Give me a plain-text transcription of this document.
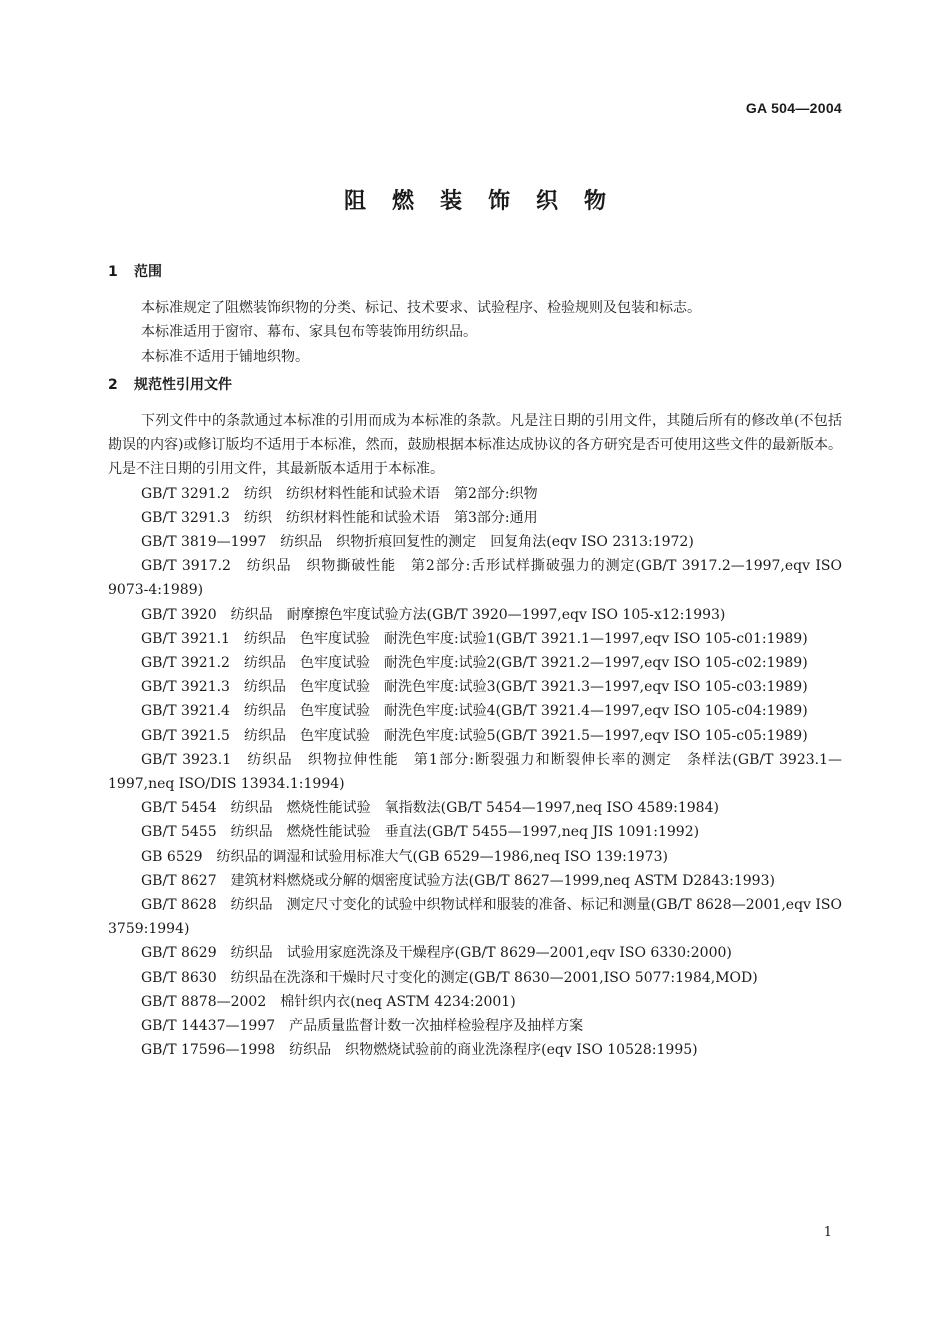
GA 504—2004
阻燃装饰织物
1 范围

本标准规定了阻燃装饰织物的分类、标记、技术要求、试验程序、检验规则及包装和标志。

本标准适用于窗帘、幕布、家具包布等装饰用纺织品。

本标准不适用于铺地织物。

2 规范性引用文件

下列文件中的条款通过本标准的引用而成为本标准的条款。凡是注日期的引用文件，其随后所有的修改单(不包括勘误的内容)或修订版均不适用于本标准，然而，鼓励根据本标准达成协议的各方研究是否可使用这些文件的最新版本。凡是不注日期的引用文件，其最新版本适用于本标准。

GB/T 3291.2　纺织　纺织材料性能和试验术语　第2部分:织物

GB/T 3291.3　纺织　纺织材料性能和试验术语　第3部分:通用

GB/T 3819—1997　纺织品　织物折痕回复性的测定　回复角法(eqv ISO 2313:1972)

GB/T 3917.2　纺织品　织物撕破性能　第2部分:舌形试样撕破强力的测定(GB/T 3917.2—1997,eqv ISO 9073-4:1989)

GB/T 3920　纺织品　耐摩擦色牢度试验方法(GB/T 3920—1997,eqv ISO 105-x12:1993)

GB/T 3921.1　纺织品　色牢度试验　耐洗色牢度:试验1(GB/T 3921.1—1997,eqv ISO 105-c01:1989)

GB/T 3921.2　纺织品　色牢度试验　耐洗色牢度:试验2(GB/T 3921.2—1997,eqv ISO 105-c02:1989)

GB/T 3921.3　纺织品　色牢度试验　耐洗色牢度:试验3(GB/T 3921.3—1997,eqv ISO 105-c03:1989)

GB/T 3921.4　纺织品　色牢度试验　耐洗色牢度:试验4(GB/T 3921.4—1997,eqv ISO 105-c04:1989)

GB/T 3921.5　纺织品　色牢度试验　耐洗色牢度:试验5(GB/T 3921.5—1997,eqv ISO 105-c05:1989)

GB/T 3923.1　纺织品　织物拉伸性能　第1部分:断裂强力和断裂伸长率的测定　条样法(GB/T 3923.1—1997,neq ISO/DIS 13934.1:1994)

GB/T 5454　纺织品　燃烧性能试验　氧指数法(GB/T 5454—1997,neq ISO 4589:1984)

GB/T 5455　纺织品　燃烧性能试验　垂直法(GB/T 5455—1997,neq JIS 1091:1992)

GB 6529　纺织品的调湿和试验用标准大气(GB 6529—1986,neq ISO 139:1973)

GB/T 8627　建筑材料燃烧或分解的烟密度试验方法(GB/T 8627—1999,neq ASTM D2843:1993)

GB/T 8628　纺织品　测定尺寸变化的试验中织物试样和服装的准备、标记和测量(GB/T 8628—2001,eqv ISO 3759:1994)

GB/T 8629　纺织品　试验用家庭洗涤及干燥程序(GB/T 8629—2001,eqv ISO 6330:2000)

GB/T 8630　纺织品在洗涤和干燥时尺寸变化的测定(GB/T 8630—2001,ISO 5077:1984,MOD)

GB/T 8878—2002　棉针织内衣(neq ASTM 4234:2001)

GB/T 14437—1997　产品质量监督计数一次抽样检验程序及抽样方案

GB/T 17596—1998　纺织品　织物燃烧试验前的商业洗涤程序(eqv ISO 10528:1995)

1
